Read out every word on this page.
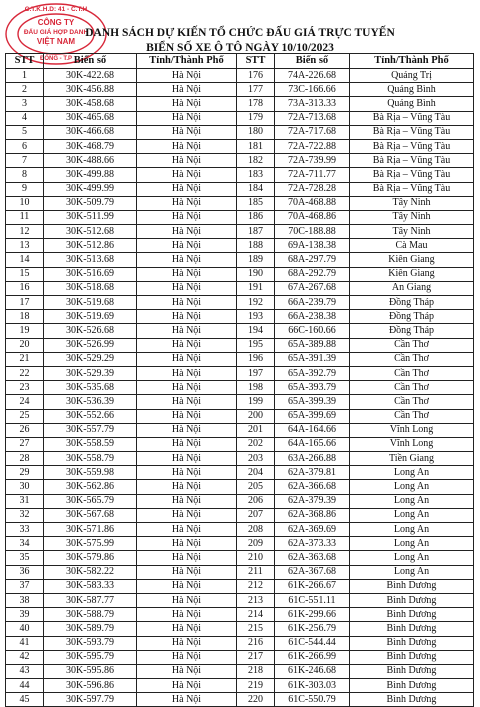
C.T.K.H.D: 41 - C.T.H
CÔNG TY
ĐẤU GIÁ HỢP DANH
VIỆT NAM
ĐỐNG - T.P
DANH SÁCH DỰ KIẾN TỔ CHỨC ĐẤU GIÁ TRỰC TUYẾN
BIỂN SỐ XE Ô TÔ NGÀY 10/10/2023
STT	Biển số	Tỉnh/Thành Phố	STT	Biển số	Tỉnh/Thành Phố
1	30K-422.68	Hà Nội	176	74A-226.68	Quảng Trị
2	30K-456.88	Hà Nội	177	73C-166.66	Quảng Bình
3	30K-458.68	Hà Nội	178	73A-313.33	Quảng Bình
4	30K-465.68	Hà Nội	179	72A-713.68	Bà Rịa – Vũng Tàu
5	30K-466.68	Hà Nội	180	72A-717.68	Bà Rịa – Vũng Tàu
6	30K-468.79	Hà Nội	181	72A-722.88	Bà Rịa – Vũng Tàu
7	30K-488.66	Hà Nội	182	72A-739.99	Bà Rịa – Vũng Tàu
8	30K-499.88	Hà Nội	183	72A-711.77	Bà Rịa – Vũng Tàu
9	30K-499.99	Hà Nội	184	72A-728.28	Bà Rịa – Vũng Tàu
10	30K-509.79	Hà Nội	185	70A-468.88	Tây Ninh
11	30K-511.99	Hà Nội	186	70A-468.86	Tây Ninh
12	30K-512.68	Hà Nội	187	70C-188.88	Tây Ninh
13	30K-512.86	Hà Nội	188	69A-138.38	Cà Mau
14	30K-513.68	Hà Nội	189	68A-297.79	Kiên Giang
15	30K-516.69	Hà Nội	190	68A-292.79	Kiên Giang
16	30K-518.68	Hà Nội	191	67A-267.68	An Giang
17	30K-519.68	Hà Nội	192	66A-239.79	Đồng Tháp
18	30K-519.69	Hà Nội	193	66A-238.38	Đồng Tháp
19	30K-526.68	Hà Nội	194	66C-160.66	Đồng Tháp
20	30K-526.99	Hà Nội	195	65A-389.88	Cần Thơ
21	30K-529.29	Hà Nội	196	65A-391.39	Cần Thơ
22	30K-529.39	Hà Nội	197	65A-392.79	Cần Thơ
23	30K-535.68	Hà Nội	198	65A-393.79	Cần Thơ
24	30K-536.39	Hà Nội	199	65A-399.39	Cần Thơ
25	30K-552.66	Hà Nội	200	65A-399.69	Cần Thơ
26	30K-557.79	Hà Nội	201	64A-164.66	Vĩnh Long
27	30K-558.59	Hà Nội	202	64A-165.66	Vĩnh Long
28	30K-558.79	Hà Nội	203	63A-266.88	Tiền Giang
29	30K-559.98	Hà Nội	204	62A-379.81	Long An
30	30K-562.86	Hà Nội	205	62A-366.68	Long An
31	30K-565.79	Hà Nội	206	62A-379.39	Long An
32	30K-567.68	Hà Nội	207	62A-368.86	Long An
33	30K-571.86	Hà Nội	208	62A-369.69	Long An
34	30K-575.99	Hà Nội	209	62A-373.33	Long An
35	30K-579.86	Hà Nội	210	62A-363.68	Long An
36	30K-582.22	Hà Nội	211	62A-367.68	Long An
37	30K-583.33	Hà Nội	212	61K-266.67	Bình Dương
38	30K-587.77	Hà Nội	213	61C-551.11	Bình Dương
39	30K-588.79	Hà Nội	214	61K-299.66	Bình Dương
40	30K-589.79	Hà Nội	215	61K-256.79	Bình Dương
41	30K-593.79	Hà Nội	216	61C-544.44	Bình Dương
42	30K-595.79	Hà Nội	217	61K-266.99	Bình Dương
43	30K-595.86	Hà Nội	218	61K-246.68	Bình Dương
44	30K-596.86	Hà Nội	219	61K-303.03	Bình Dương
45	30K-597.79	Hà Nội	220	61C-550.79	Bình Dương
